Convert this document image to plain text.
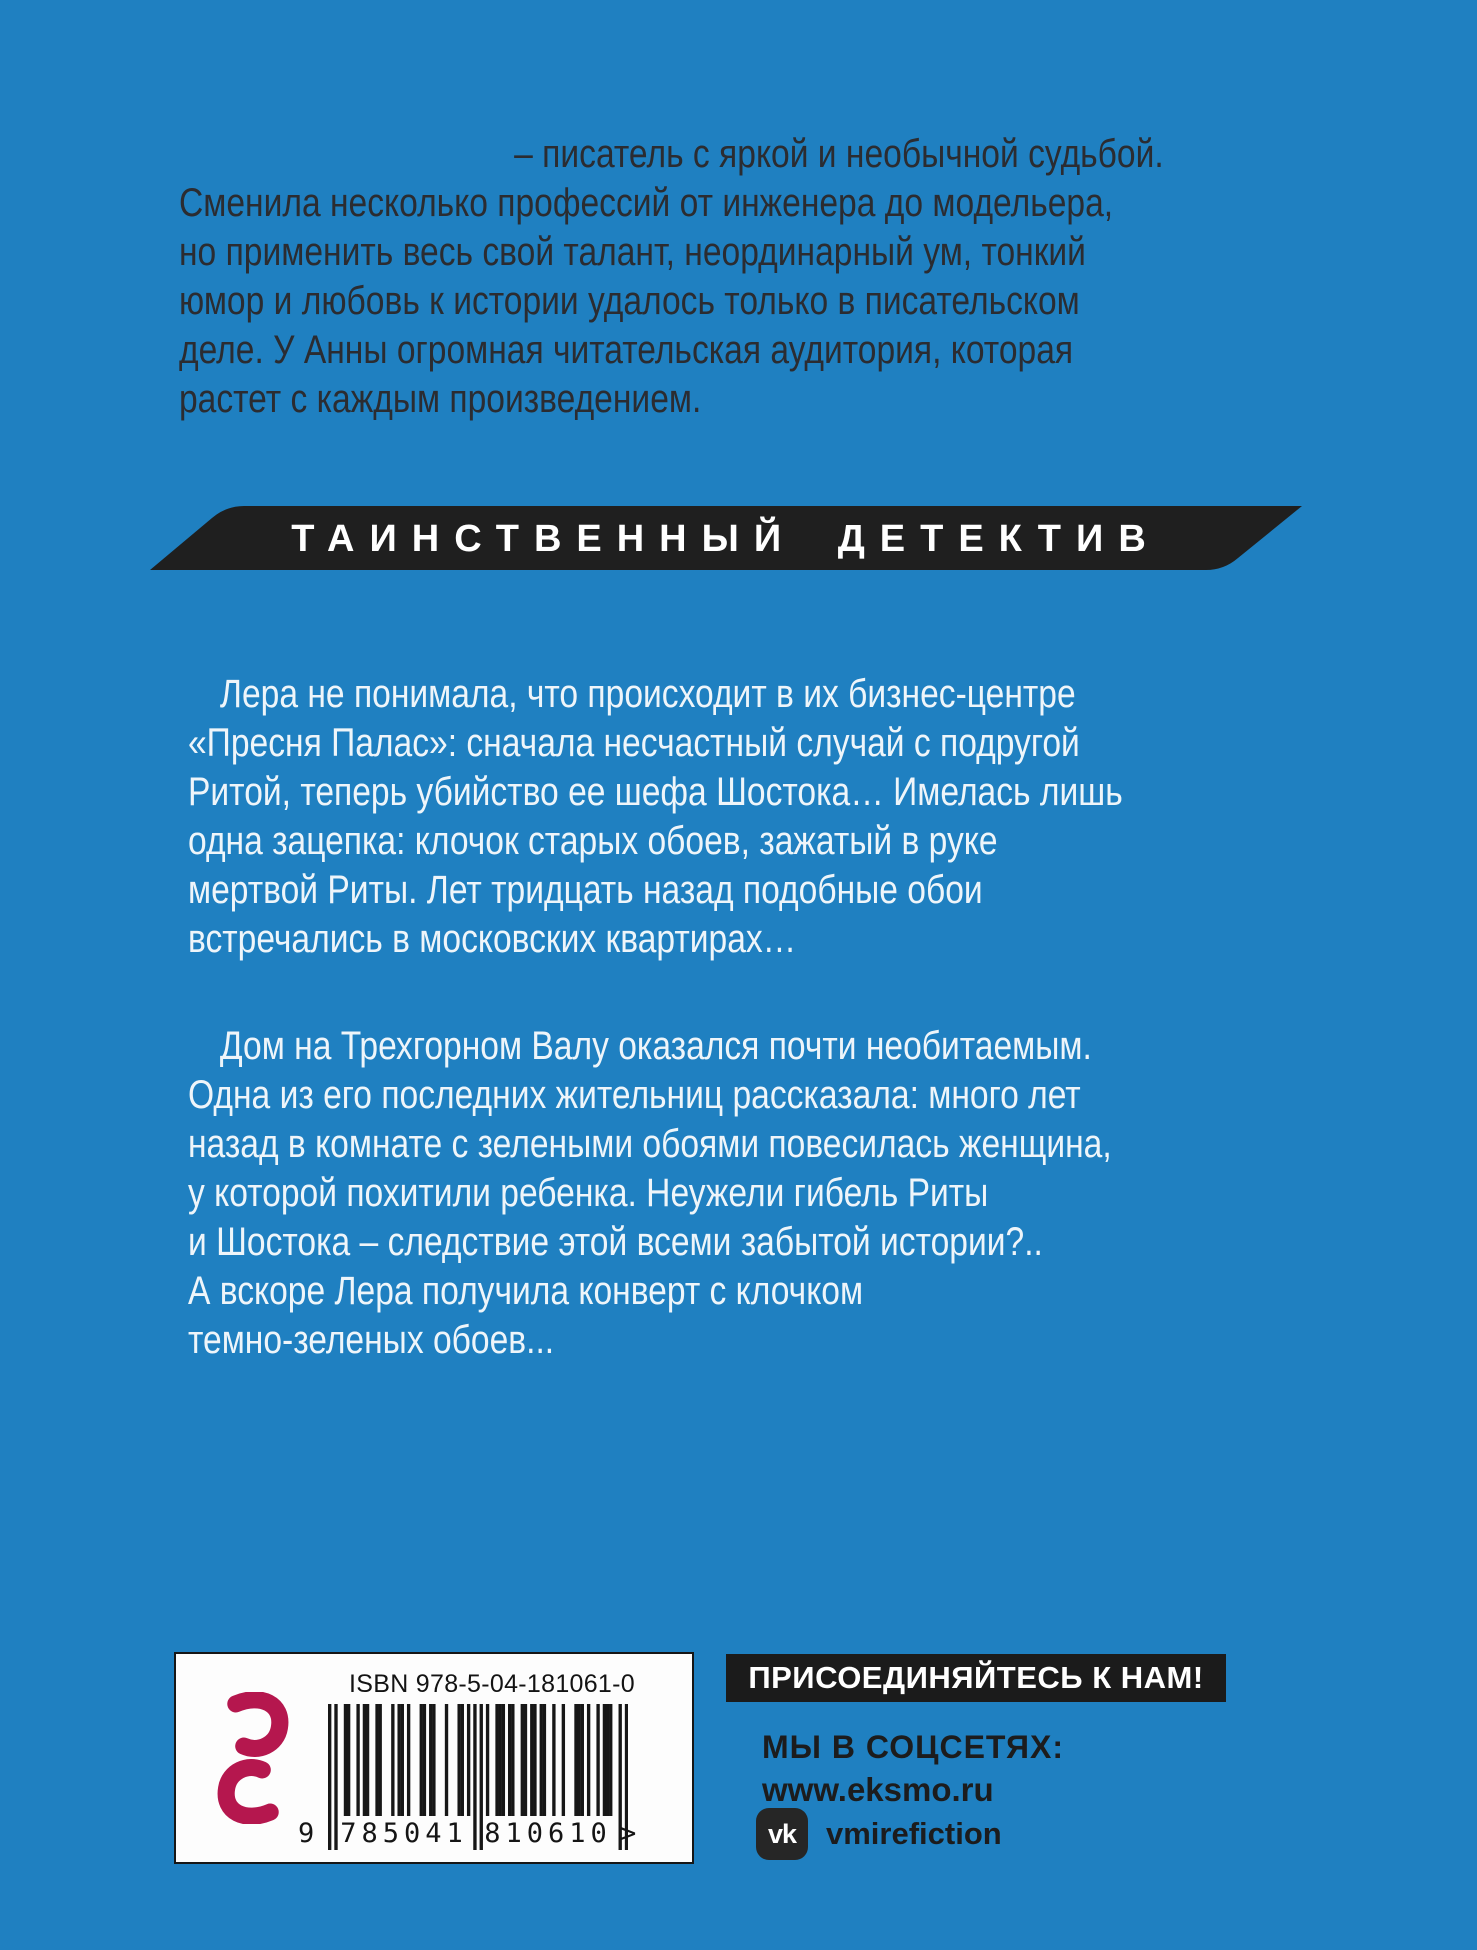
– писатель с яркой и необычной судьбой.
Сменила несколько профессий от инженера до модельера,
но применить весь свой талант, неординарный ум, тонкий
юмор и любовь к истории удалось только в писательском
деле. У Анны огромная читательская аудитория, которая
растет с каждым произведением.
ТАИНСТВЕННЫЙ ДЕТЕКТИВ
Лера не понимала, что происходит в их бизнес-центре
«Пресня Палас»: сначала несчастный случай с подругой
Ритой, теперь убийство ее шефа Шостока… Имелась лишь
одна зацепка: клочок старых обоев, зажатый в руке
мертвой Риты. Лет тридцать назад подобные обои
встречались в московских квартирах…
Дом на Трехгорном Валу оказался почти необитаемым.
Одна из его последних жительниц рассказала: много лет
назад в комнате с зелеными обоями повесилась женщина,
у которой похитили ребенка. Неужели гибель Риты
и Шостока – следствие этой всеми забытой истории?..
А вскоре Лера получила конверт с клочком
темно-зеленых обоев...
ISBN 978-5-04-181061-0
9 785041 810610 >
ПРИСОЕДИНЯЙТЕСЬ К НАМ!
МЫ В СОЦСЕТЯХ:
www.eksmo.ru
vk vmirefiction
